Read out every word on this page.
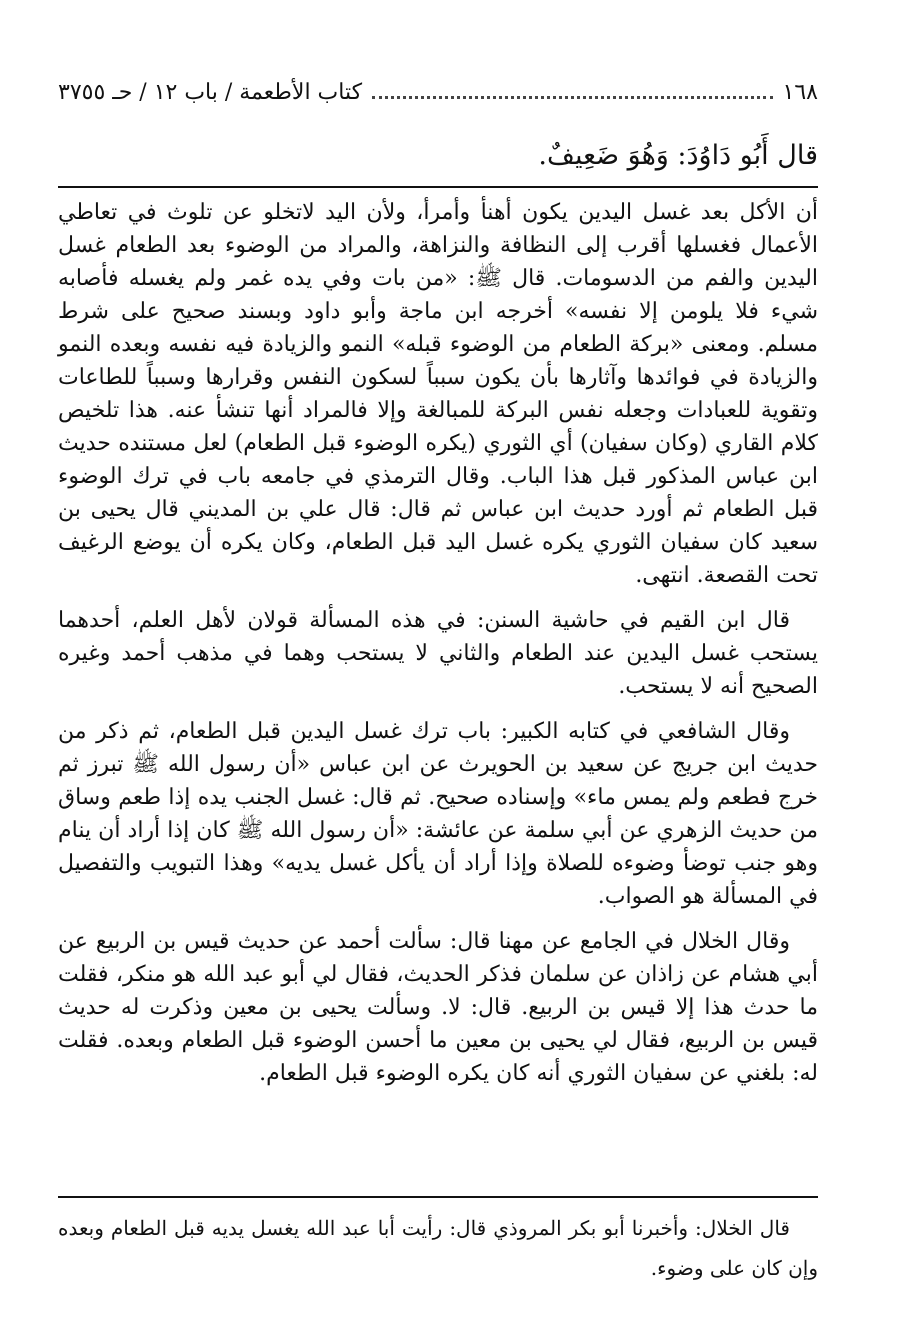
١٦٨
كتاب الأطعمة / باب ١٢ / حـ ٣٧٥٥
قال أَبُو دَاوُدَ: وَهُوَ ضَعِيفٌ.

أن الأكل بعد غسل اليدين يكون أهنأ وأمرأ، ولأن اليد لاتخلو عن تلوث في تعاطي الأعمال فغسلها أقرب إلى النظافة والنزاهة، والمراد من الوضوء بعد الطعام غسل اليدين والفم من الدسومات. قال ﷺ: «من بات وفي يده غمر ولم يغسله فأصابه شيء فلا يلومن إلا نفسه» أخرجه ابن ماجة وأبو داود وبسند صحيح على شرط مسلم. ومعنى «بركة الطعام من الوضوء قبله» النمو والزيادة فيه نفسه وبعده النمو والزيادة في فوائدها وآثارها بأن يكون سبباً لسكون النفس وقرارها وسبباً للطاعات وتقوية للعبادات وجعله نفس البركة للمبالغة وإلا فالمراد أنها تنشأ عنه. هذا تلخيص كلام القاري (وكان سفيان) أي الثوري (يكره الوضوء قبل الطعام) لعل مستنده حديث ابن عباس المذكور قبل هذا الباب. وقال الترمذي في جامعه باب في ترك الوضوء قبل الطعام ثم أورد حديث ابن عباس ثم قال: قال علي بن المديني قال يحيى بن سعيد كان سفيان الثوري يكره غسل اليد قبل الطعام، وكان يكره أن يوضع الرغيف تحت القصعة. انتهى.

قال ابن القيم في حاشية السنن: في هذه المسألة قولان لأهل العلم، أحدهما يستحب غسل اليدين عند الطعام والثاني لا يستحب وهما في مذهب أحمد وغيره الصحيح أنه لا يستحب.

وقال الشافعي في كتابه الكبير: باب ترك غسل اليدين قبل الطعام، ثم ذكر من حديث ابن جريج عن سعيد بن الحويرث عن ابن عباس «أن رسول الله ﷺ تبرز ثم خرج فطعم ولم يمس ماء» وإسناده صحيح. ثم قال: غسل الجنب يده إذا طعم وساق من حديث الزهري عن أبي سلمة عن عائشة: «أن رسول الله ﷺ كان إذا أراد أن ينام وهو جنب توضأ وضوءه للصلاة وإذا أراد أن يأكل غسل يديه» وهذا التبويب والتفصيل في المسألة هو الصواب.

وقال الخلال في الجامع عن مهنا قال: سألت أحمد عن حديث قيس بن الربيع عن أبي هشام عن زاذان عن سلمان فذكر الحديث، فقال لي أبو عبد الله هو منكر، فقلت ما حدث هذا إلا قيس بن الربيع. قال: لا. وسألت يحيى بن معين وذكرت له حديث قيس بن الربيع، فقال لي يحيى بن معين ما أحسن الوضوء قبل الطعام وبعده. فقلت له: بلغني عن سفيان الثوري أنه كان يكره الوضوء قبل الطعام.

قال الخلال: وأخبرنا أبو بكر المروذي قال: رأيت أبا عبد الله يغسل يديه قبل الطعام وبعده وإن كان على وضوء.
